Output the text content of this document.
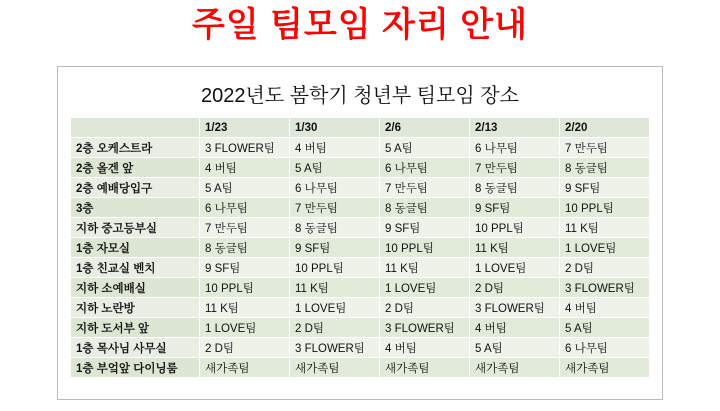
주일 팀모임 자리 안내
2022년도 봄학기 청년부 팀모임 장소
	1/23	1/30	2/6	2/13	2/20
2층 오케스트라	3 FLOWER팀	4 버팀	5 A팀	6 나무팀	7 만두팀
2층 올겐 앞	4 버팀	5 A팀	6 나무팀	7 만두팀	8 동글팀
2층 예배당입구	5 A팀	6 나무팀	7 만두팀	8 동글팀	9 SF팀
3층	6 나무팀	7 만두팀	8 동글팀	9 SF팀	10 PPL팀
지하 중고등부실	7 만두팀	8 동글팀	9 SF팀	10 PPL팀	11 K팀
1층 자모실	8 동글팀	9 SF팀	10 PPL팀	11 K팀	1 LOVE팀
1층 친교실 벤치	9 SF팀	10 PPL팀	11 K팀	1 LOVE팀	2 D팀
지하 소예배실	10 PPL팀	11 K팀	1 LOVE팀	2 D팀	3 FLOWER팀
지하 노란방	11 K팀	1 LOVE팀	2 D팀	3 FLOWER팀	4 버팀
지하 도서부 앞	1 LOVE팀	2 D팀	3 FLOWER팀	4 버팀	5 A팀
1층 목사님 사무실	2 D팀	3 FLOWER팀	4 버팀	5 A팀	6 나무팀
1층 부엌앞 다이닝룸	새가족팀	새가족팀	새가족팀	새가족팀	새가족팀
